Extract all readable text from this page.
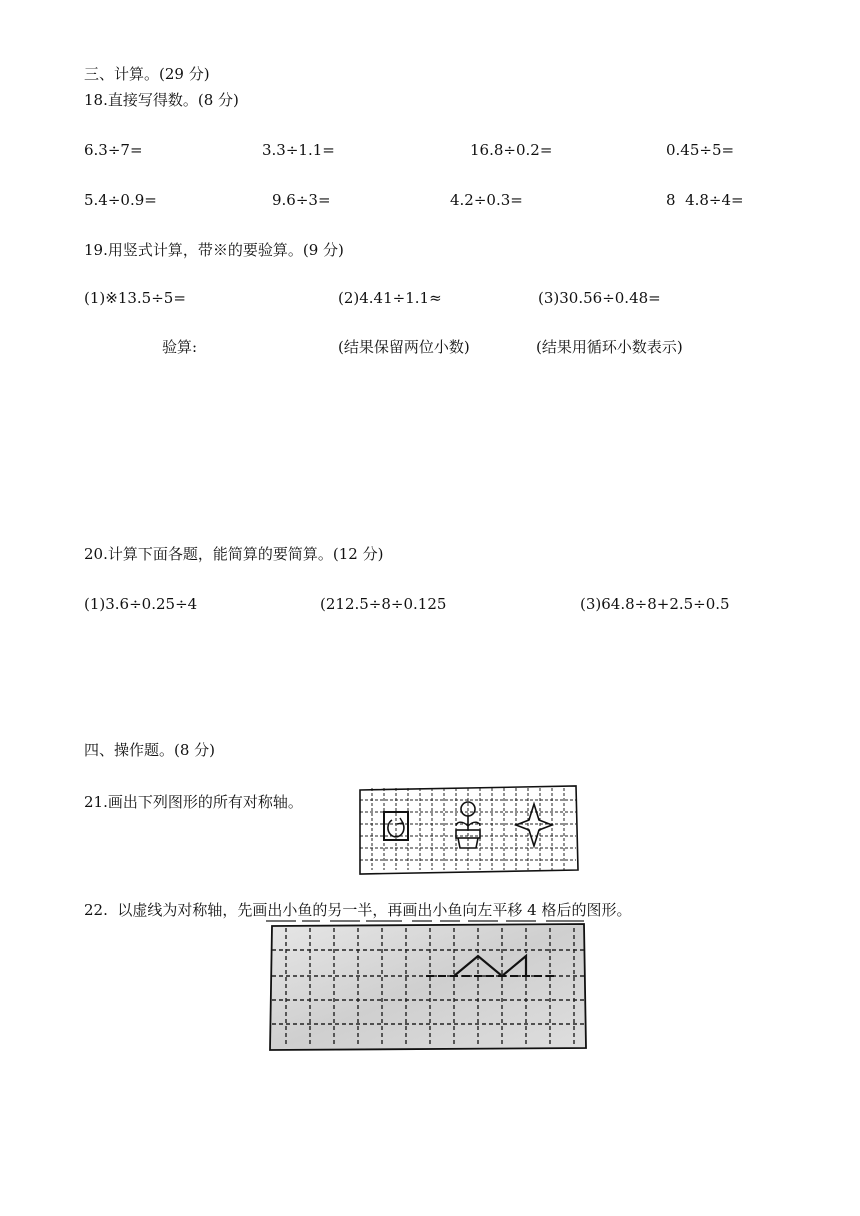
三、计算。(29 分)
18.直接写得数。(8 分)
6.3÷7=	3.3÷1.1=	16.8÷0.2=	0.45÷5=
5.4÷0.9=	9.6÷3=	4.2÷0.3=	8  4.8÷4=
19.用竖式计算，带※的要验算。(9 分)
(1)※13.5÷5=	(2)4.41÷1.1≈	(3)30.56÷0.48=
验算:	(结果保留两位小数)	(结果用循环小数表示)
20.计算下面各题，能简算的要简算。(12 分)
(1)3.6÷0.25÷4	(212.5÷8÷0.125	(3)64.8÷8+2.5÷0.5
四、操作题。(8 分)
21.画出下列图形的所有对称轴。
22.  以虚线为对称轴，先画出小鱼的另一半，再画出小鱼向左平移 4 格后的图形。
